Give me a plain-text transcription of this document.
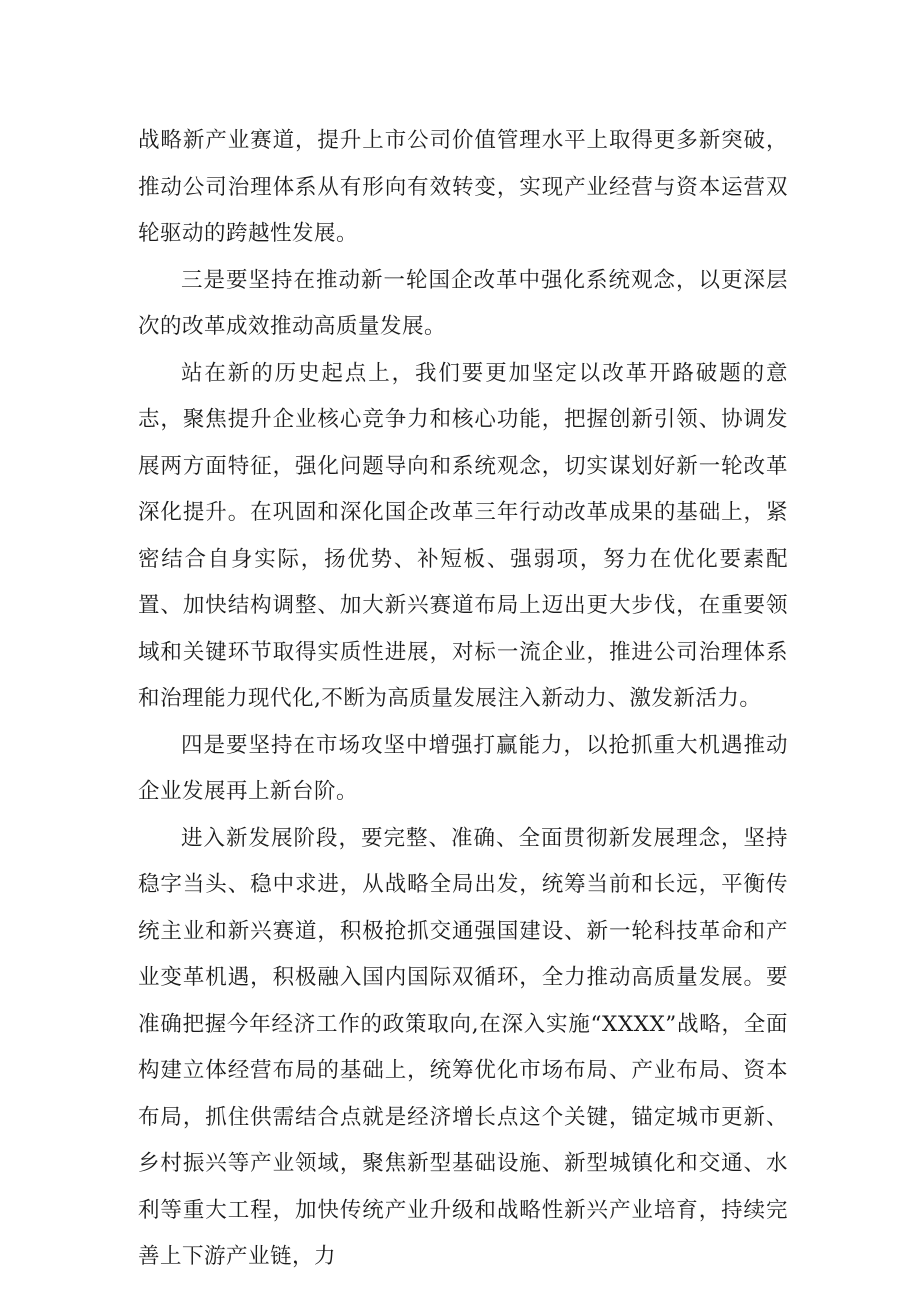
战略新产业赛道，提升上市公司价值管理水平上取得更多新突破，推动公司治理体系从有形向有效转变，实现产业经营与资本运营双轮驱动的跨越性发展。

三是要坚持在推动新一轮国企改革中强化系统观念，以更深层次的改革成效推动高质量发展。

站在新的历史起点上，我们要更加坚定以改革开路破题的意志，聚焦提升企业核心竞争力和核心功能，把握创新引领、协调发展两方面特征，强化问题导向和系统观念，切实谋划好新一轮改革深化提升。在巩固和深化国企改革三年行动改革成果的基础上，紧密结合自身实际，扬优势、补短板、强弱项，努力在优化要素配置、加快结构调整、加大新兴赛道布局上迈出更大步伐，在重要领域和关键环节取得实质性进展，对标一流企业，推进公司治理体系和治理能力现代化,不断为高质量发展注入新动力、激发新活力。

四是要坚持在市场攻坚中增强打赢能力，以抢抓重大机遇推动企业发展再上新台阶。

进入新发展阶段，要完整、准确、全面贯彻新发展理念，坚持稳字当头、稳中求进，从战略全局出发，统筹当前和长远，平衡传统主业和新兴赛道，积极抢抓交通强国建设、新一轮科技革命和产业变革机遇，积极融入国内国际双循环，全力推动高质量发展。要准确把握今年经济工作的政策取向,在深入实施“XXXX”战略，全面构建立体经营布局的基础上，统筹优化市场布局、产业布局、资本布局，抓住供需结合点就是经济增长点这个关键，锚定城市更新、乡村振兴等产业领域，聚焦新型基础设施、新型城镇化和交通、水利等重大工程，加快传统产业升级和战略性新兴产业培育，持续完善上下游产业链，力
